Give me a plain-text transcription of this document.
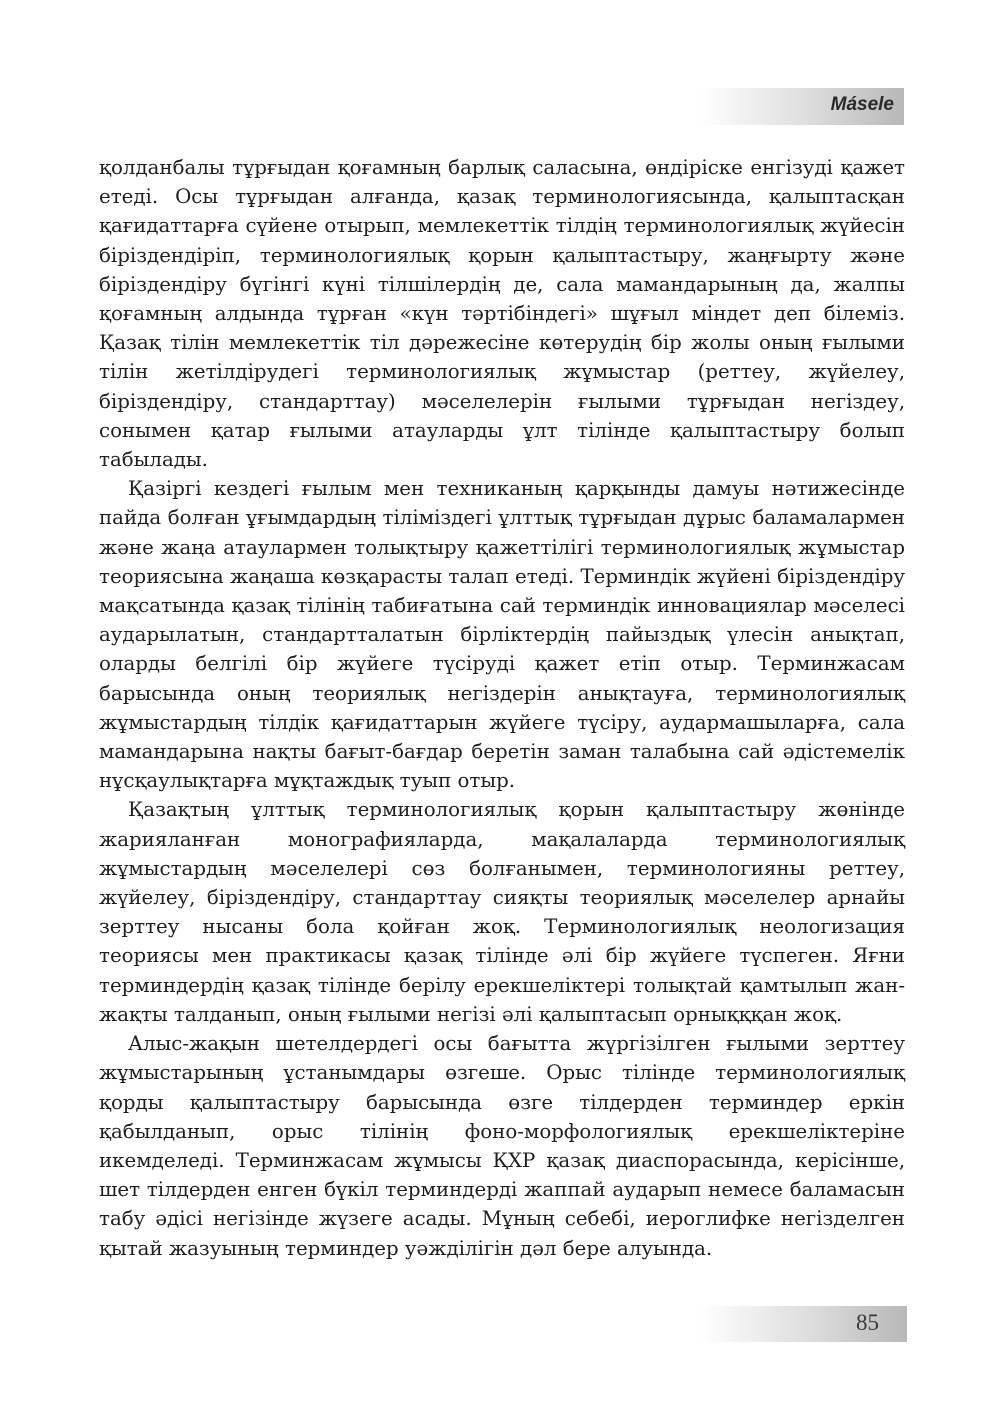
Másele

қолданбалы тұрғыдан қоғамның барлық саласына, өндіріске енгізуді қажет етеді. Осы тұрғыдан алғанда, қазақ терминологиясында, қалыптасқан қағидаттарға сүйене отырып, мемлекеттік тілдің терминологиялық жүйесін біріздендіріп, терминологиялық қорын қалыптастыру, жаңғырту және біріздендіру бүгінгі күні тілшілердің де, сала мамандарының да, жалпы қоғамның алдында тұрған «күн тәртібіндегі» шұғыл міндет деп білеміз. Қазақ тілін мемлекеттік тіл дәрежесіне көтерудің бір жолы оның ғылыми тілін жетілдірудегі терминологиялық жұмыстар (реттеу, жүйелеу, біріздендіру, стандарттау) мәселелерін ғылыми тұрғыдан негіздеу, сонымен қатар ғылыми атауларды ұлт тілінде қалыптастыру болып табылады.

Қазіргі кездегі ғылым мен техниканың қарқынды дамуы нәтижесінде пайда болған ұғымдардың тіліміздегі ұлттық тұрғыдан дұрыс баламалармен және жаңа атаулармен толықтыру қажеттілігі терминологиялық жұмыстар теориясына жаңаша көзқарасты талап етеді. Терминдік жүйені біріздендіру мақсатында қазақ тілінің табиғатына сай терминдік инновациялар мәселесі аударылатын, стандартталатын бірліктердің пайыздық үлесін анықтап, оларды белгілі бір жүйеге түсіруді қажет етіп отыр. Терминжасам барысында оның теориялық негіздерін анықтауға, терминологиялық жұмыстардың тілдік қағидаттарын жүйеге түсіру, аудармашыларға, сала мамандарына нақты бағыт-бағдар беретін заман талабына сай әдістемелік нұсқаулықтарға мұқтаждық туып отыр.

Қазақтың ұлттық терминологиялық қорын қалыптастыру жөнінде жарияланған монографияларда, мақалаларда терминологиялық жұмыстардың мәселелері сөз болғанымен, терминологияны реттеу, жүйелеу, біріздендіру, стандарттау сияқты теориялық мәселелер арнайы зерттеу нысаны бола қойған жоқ. Терминологиялық неологизация теориясы мен практикасы қазақ тілінде әлі бір жүйеге түспеген. Яғни терминдердің қазақ тілінде берілу ерекшеліктері толықтай қамтылып жан-жақты талданып, оның ғылыми негізі әлі қалыптасып орнықққан жоқ.

Алыс-жақын шетелдердегі осы бағытта жүргізілген ғылыми зерттеу жұмыстарының ұстанымдары өзгеше. Орыс тілінде терминологиялық қорды қалыптастыру барысында өзге тілдерден терминдер еркін қабылданып, орыс тілінің фоно-морфологиялық ерекшеліктеріне икемделеді. Терминжасам жұмысы ҚХР қазақ диаспорасында, керісінше, шет тілдерден енген бүкіл терминдерді жаппай аударып немесе баламасын табу әдісі негізінде жүзеге асады. Мұның себебі, иероглифке негізделген қытай жазуының терминдер уәжділігін дәл бере алуында.

85
